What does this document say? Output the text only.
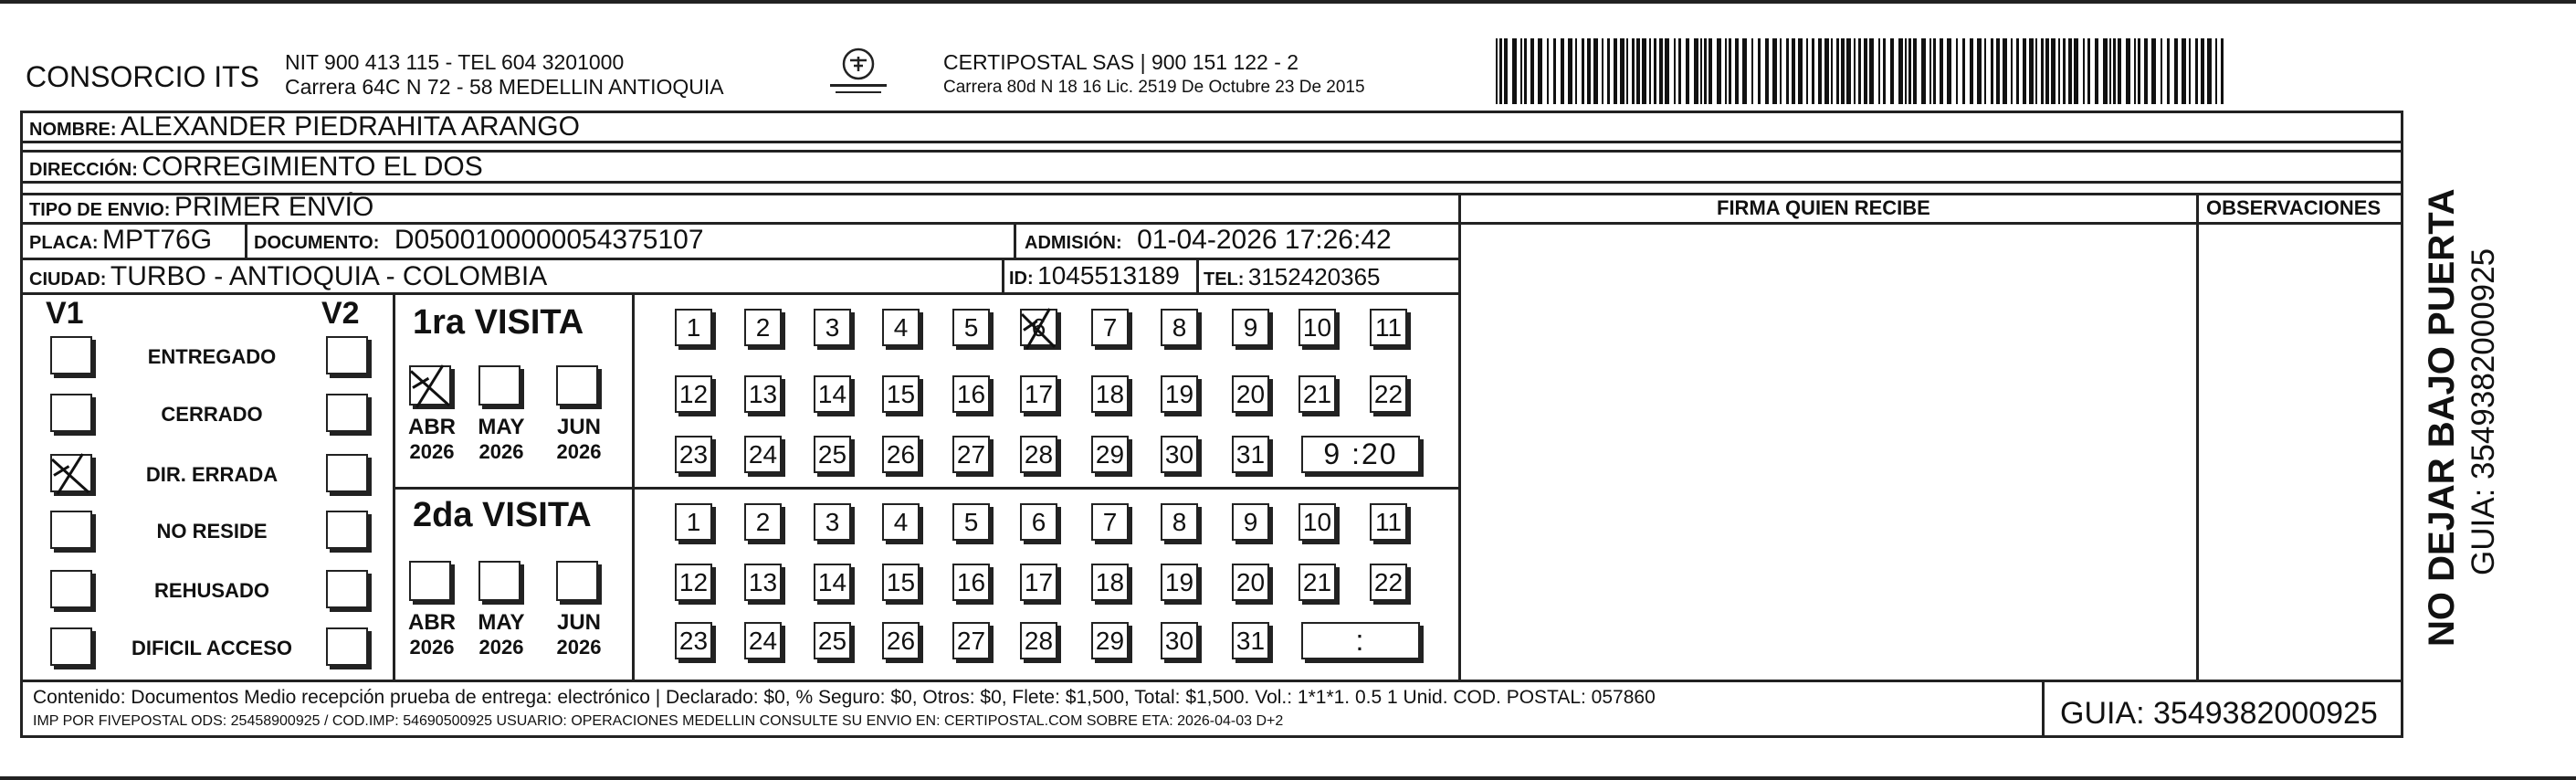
CONSORCIO ITS NIT 900 413 115 - TEL 604 3201000
Carrera 64C N 72 - 58 MEDELLIN ANTIOQUIA
CERTIPOSTAL SAS | 900 151 122 - 2
Carrera 80d N 18 16 Lic. 2519 De Octubre 23 De 2015
NOMBRE: ALEXANDER PIEDRAHITA ARANGO
DIRECCIÓN: CORREGIMIENTO EL DOS
TIPO DE ENVIO: PRIMER ENVÍO
PLACA: MPT76G DOCUMENTO: D0500100000054375107	ADMISIÓN: 01-04-2026 17:26:42
CIUDAD: TURBO - ANTIOQUIA - COLOMBIA	ID: 1045513189 TEL: 3152420365
FIRMA QUIEN RECIBE	OBSERVACIONES
V1	V2
ENTREGADO
CERRADO
DIR. ERRADA
NO RESIDE
REHUSADO
DIFICIL ACCESO
1ra VISITA
ABR
2026
MAY
2026
JUN
2026
1	2	3	4	5	6	7	8	9	10 11
12 13 14 15 16 17 18 19 20 21 22
23 24 25 26 27 28 29 30 31	9 :20
2da VISITA
ABR
2026
MAY
2026
JUN
2026
1	2	3	4	5	6	7	8	9	10 11
12 13 14 15 16 17 18 19 20 21 22
23 24 25 26 27 28 29 30 31	:
Contenido: Documentos Medio recepción prueba de entrega: electrónico | Declarado: $0, % Seguro: $0, Otros: $0, Flete: $1,500, Total: $1,500. Vol.: 1*1*1. 0.5 1 Unid. COD. POSTAL: 057860
IMP POR FIVEPOSTAL ODS: 25458900925 / COD.IMP: 54690500925 USUARIO: OPERACIONES MEDELLIN CONSULTE SU ENVIO EN: CERTIPOSTAL.COM SOBRE ETA: 2026-04-03 D+2	GUIA: 3549382000925
NO DEJAR BAJO PUERTA GUIA: 3549382000925
